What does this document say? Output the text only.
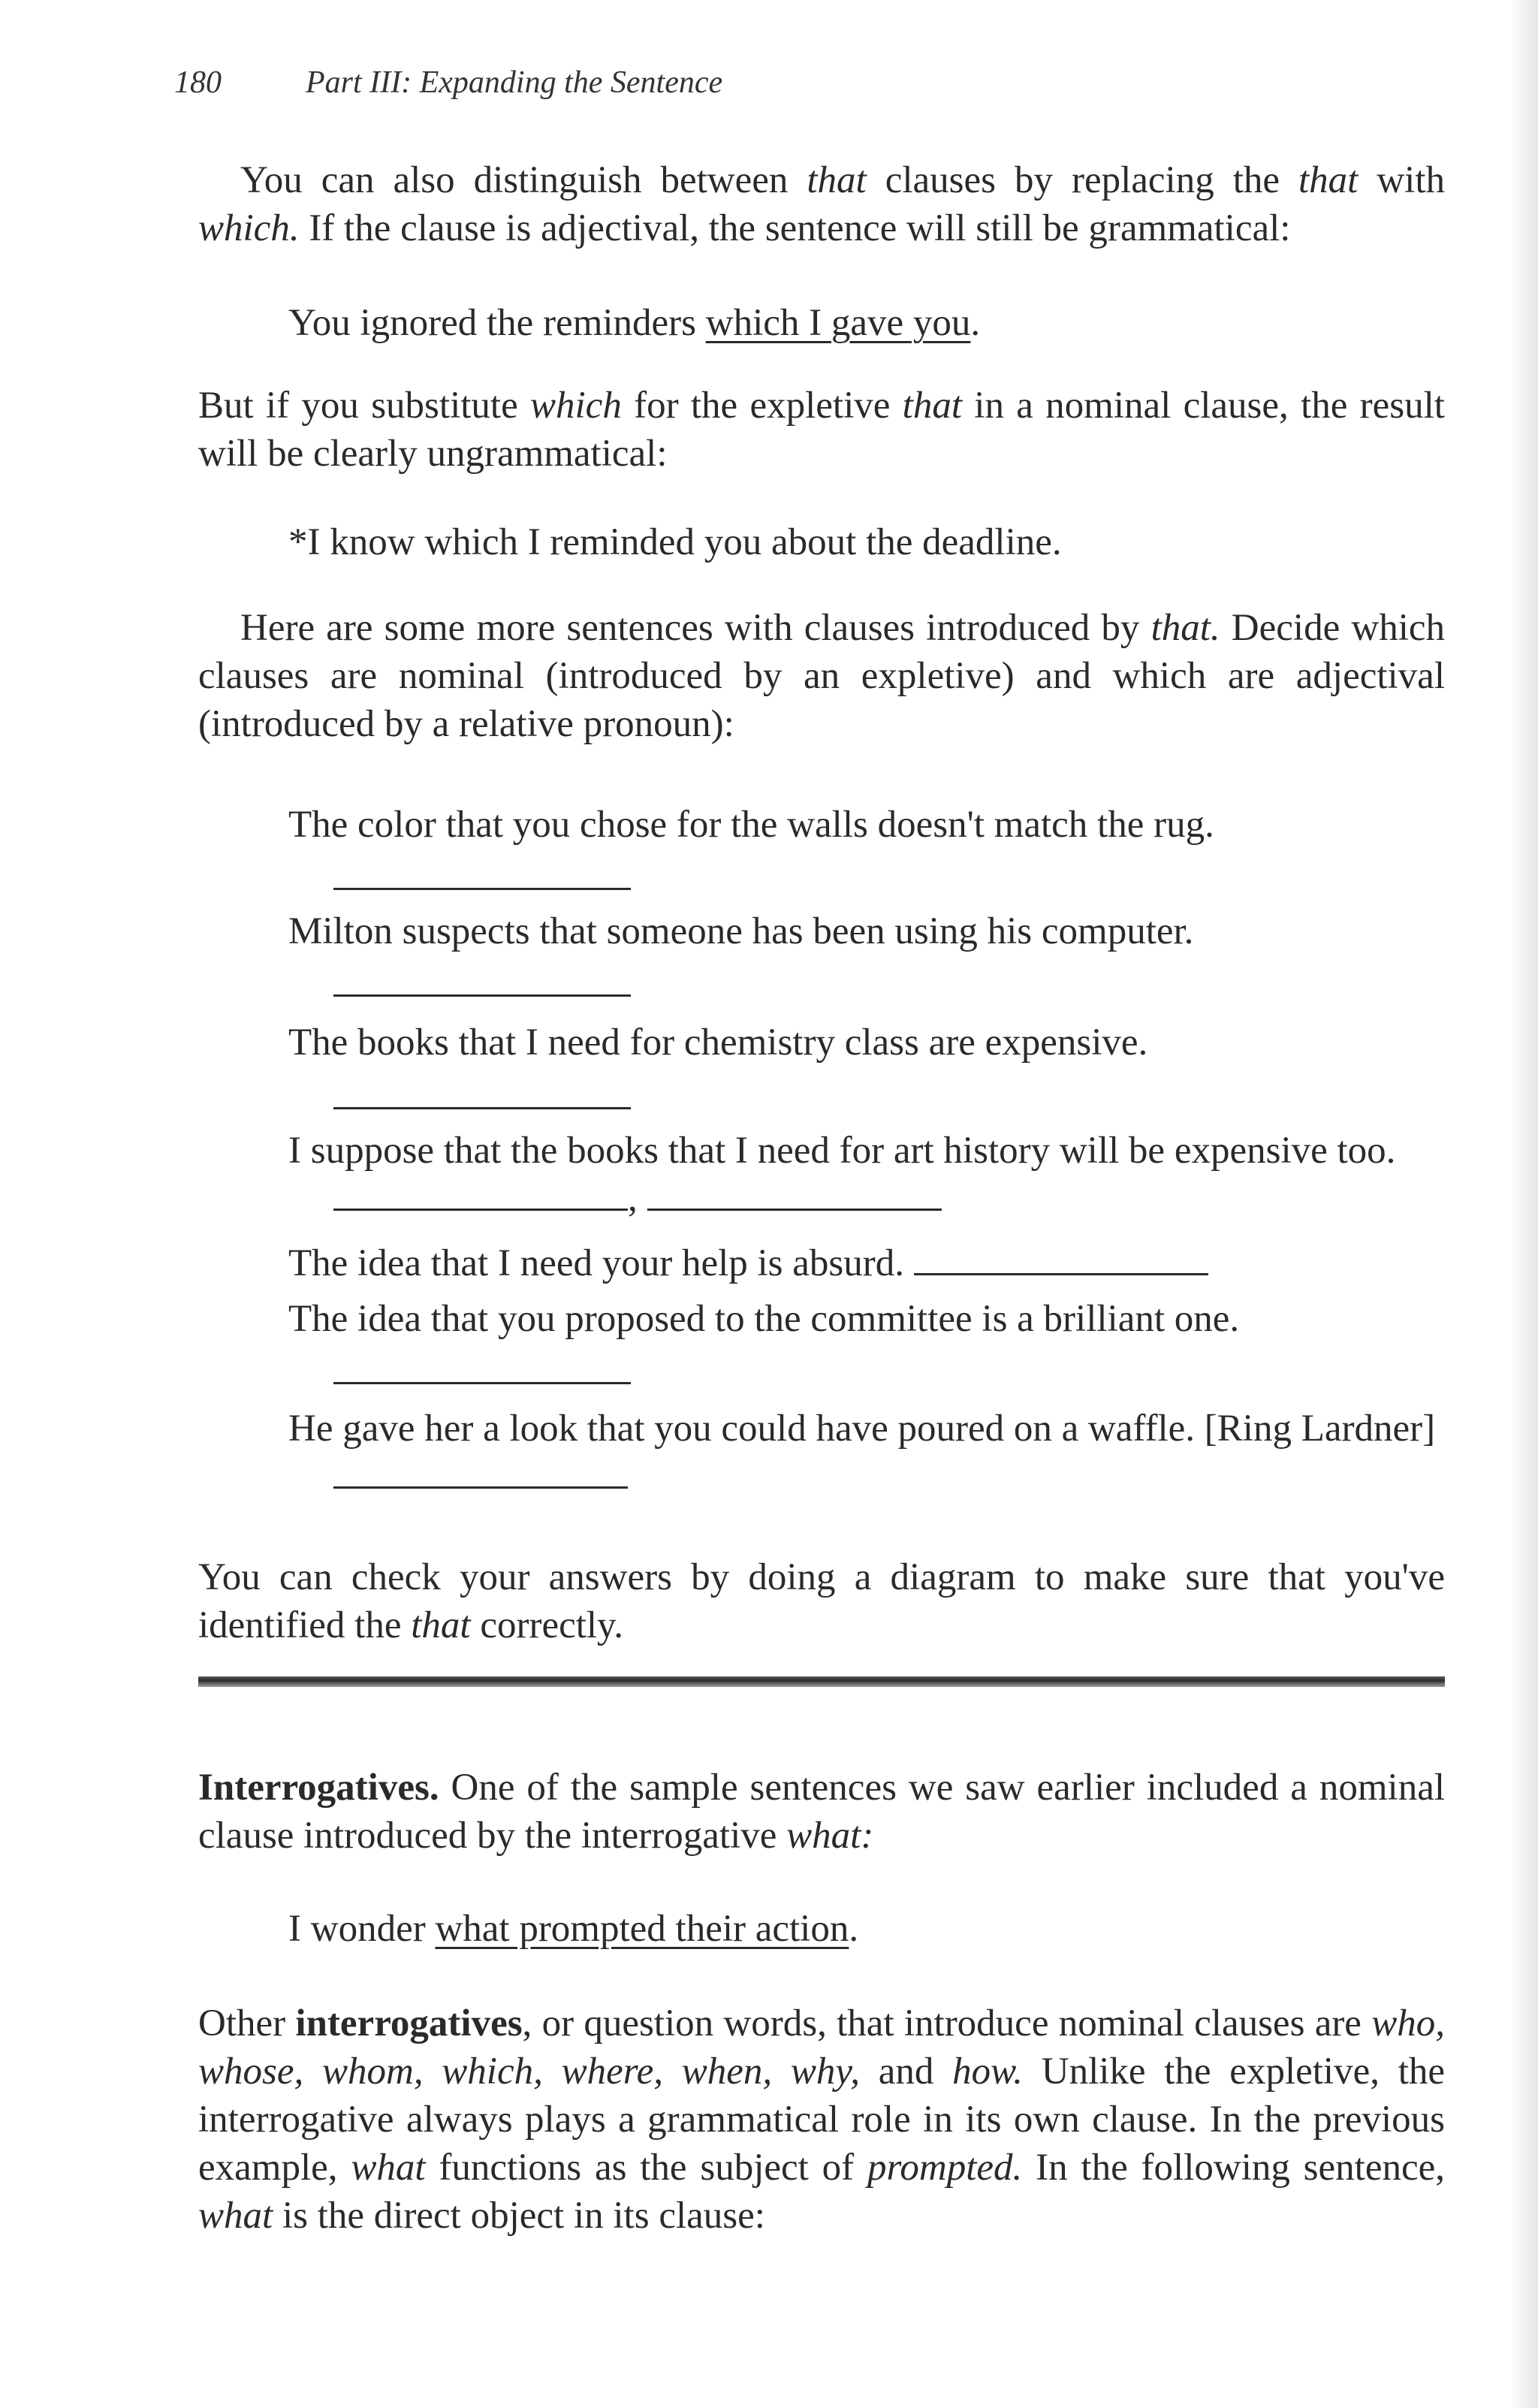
180	Part III: Expanding the Sentence

You can also distinguish between that clauses by replacing the that with which. If the clause is adjectival, the sentence will still be grammatical:

You ignored the reminders which I gave you.

But if you substitute which for the expletive that in a nominal clause, the result will be clearly ungrammatical:

*I know which I reminded you about the deadline.

Here are some more sentences with clauses introduced by that. Decide which clauses are nominal (introduced by an expletive) and which are adjectival (introduced by a relative pronoun):

The color that you chose for the walls doesn't match the rug.

Milton suspects that someone has been using his computer.

The books that I need for chemistry class are expensive.

I suppose that the books that I need for art history will be expensive too. ,

The idea that I need your help is absurd.

The idea that you proposed to the committee is a brilliant one.

He gave her a look that you could have poured on a waffle. [Ring Lardner]

You can check your answers by doing a diagram to make sure that you've identified the that correctly.

Interrogatives. One of the sample sentences we saw earlier included a nominal clause introduced by the interrogative what:

I wonder what prompted their action.

Other interrogatives, or question words, that introduce nominal clauses are who, whose, whom, which, where, when, why, and how. Unlike the expletive, the interrogative always plays a grammatical role in its own clause. In the previous example, what functions as the subject of prompted. In the following sentence, what is the direct object in its clause:
